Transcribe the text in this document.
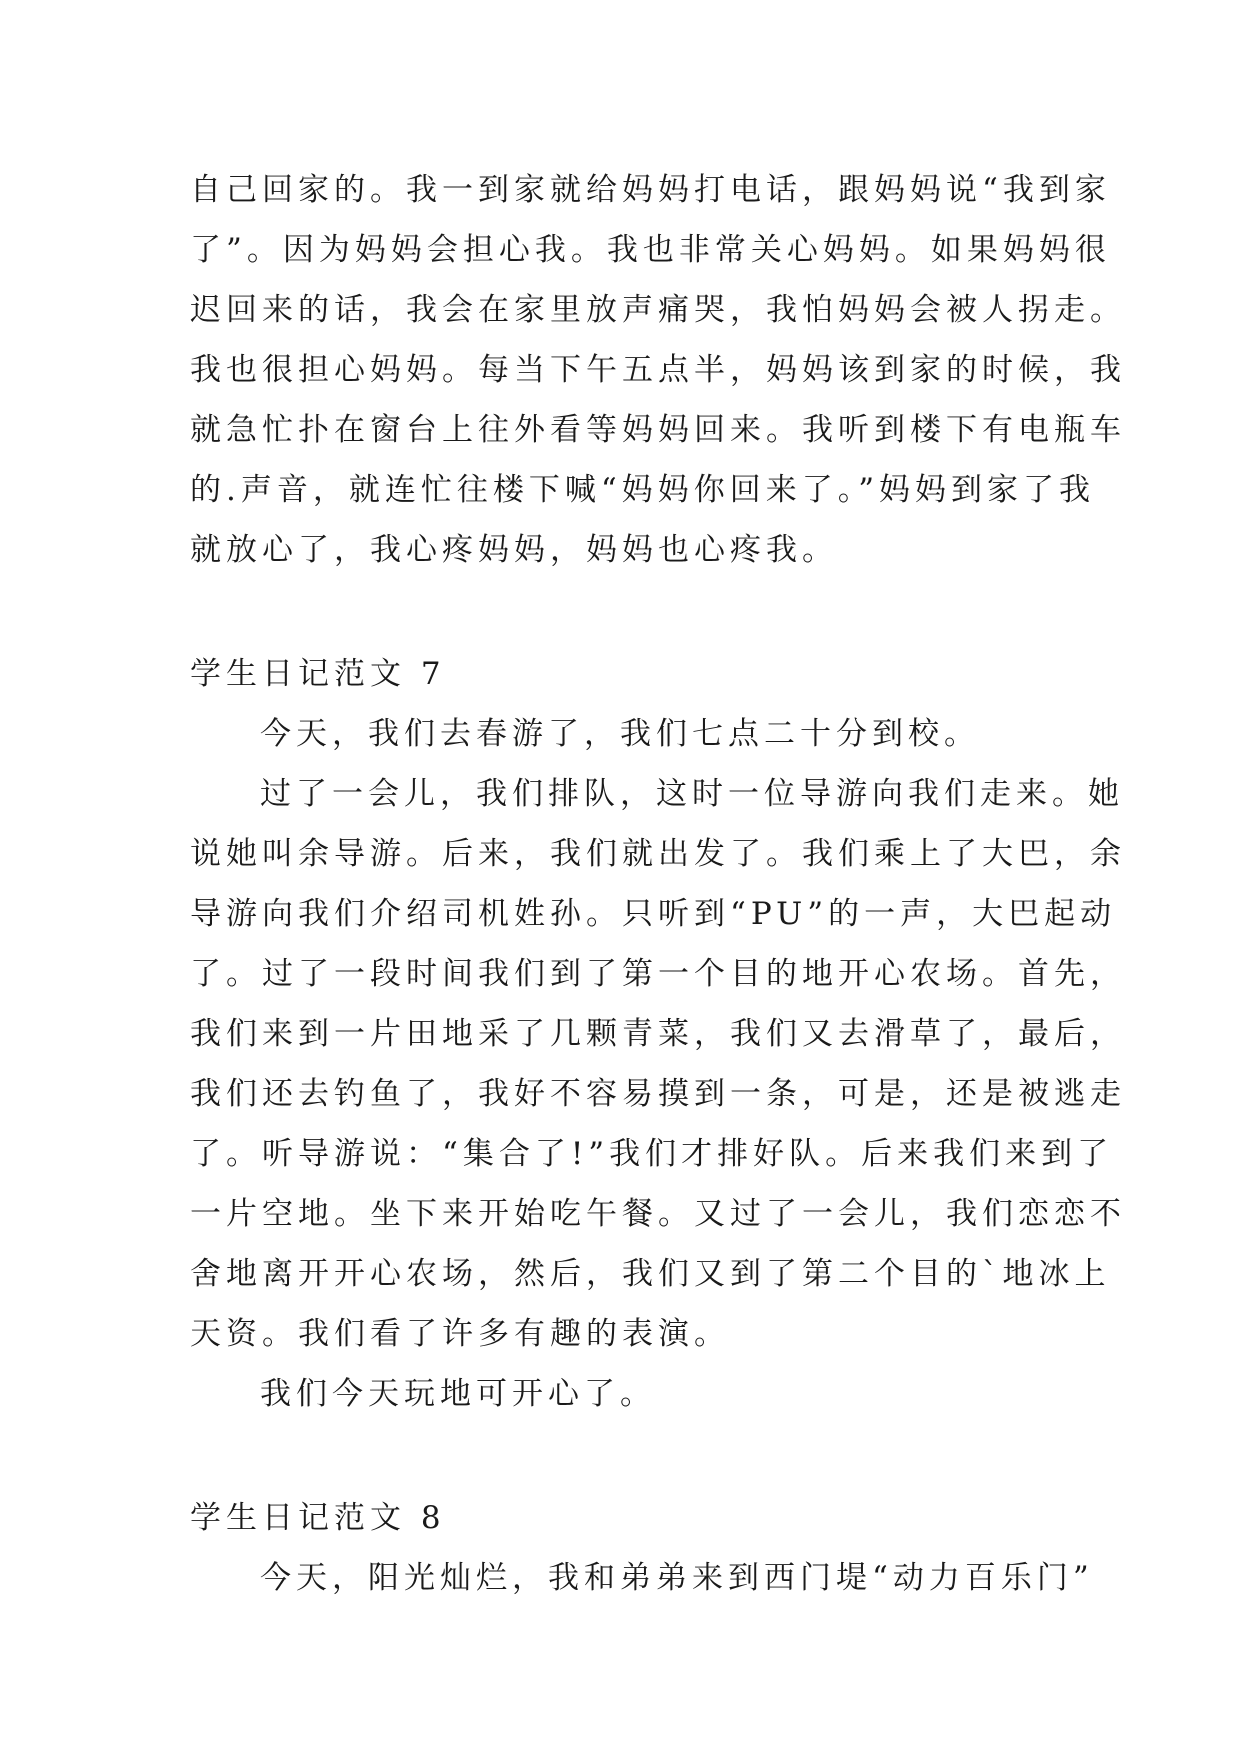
自己回家的。我一到家就给妈妈打电话，跟妈妈说“我到家
了”。因为妈妈会担心我。我也非常关心妈妈。如果妈妈很
迟回来的话，我会在家里放声痛哭，我怕妈妈会被人拐走。
我也很担心妈妈。每当下午五点半，妈妈该到家的时候，我
就急忙扑在窗台上往外看等妈妈回来。我听到楼下有电瓶车
的.声音，就连忙往楼下喊“妈妈你回来了。”妈妈到家了我
就放心了，我心疼妈妈，妈妈也心疼我。
学生日记范文 7
今天，我们去春游了，我们七点二十分到校。
过了一会儿，我们排队，这时一位导游向我们走来。她
说她叫余导游。后来，我们就出发了。我们乘上了大巴，余
导游向我们介绍司机姓孙。只听到“PU”的一声，大巴起动
了。过了一段时间我们到了第一个目的地开心农场。首先，
我们来到一片田地采了几颗青菜，我们又去滑草了，最后，
我们还去钓鱼了，我好不容易摸到一条，可是，还是被逃走
了。听导游说：“集合了!”我们才排好队。后来我们来到了
一片空地。坐下来开始吃午餐。又过了一会儿，我们恋恋不
舍地离开开心农场，然后，我们又到了第二个目的`地冰上
天资。我们看了许多有趣的表演。
我们今天玩地可开心了。
学生日记范文 8
今天，阳光灿烂，我和弟弟来到西门堤“动力百乐门”
